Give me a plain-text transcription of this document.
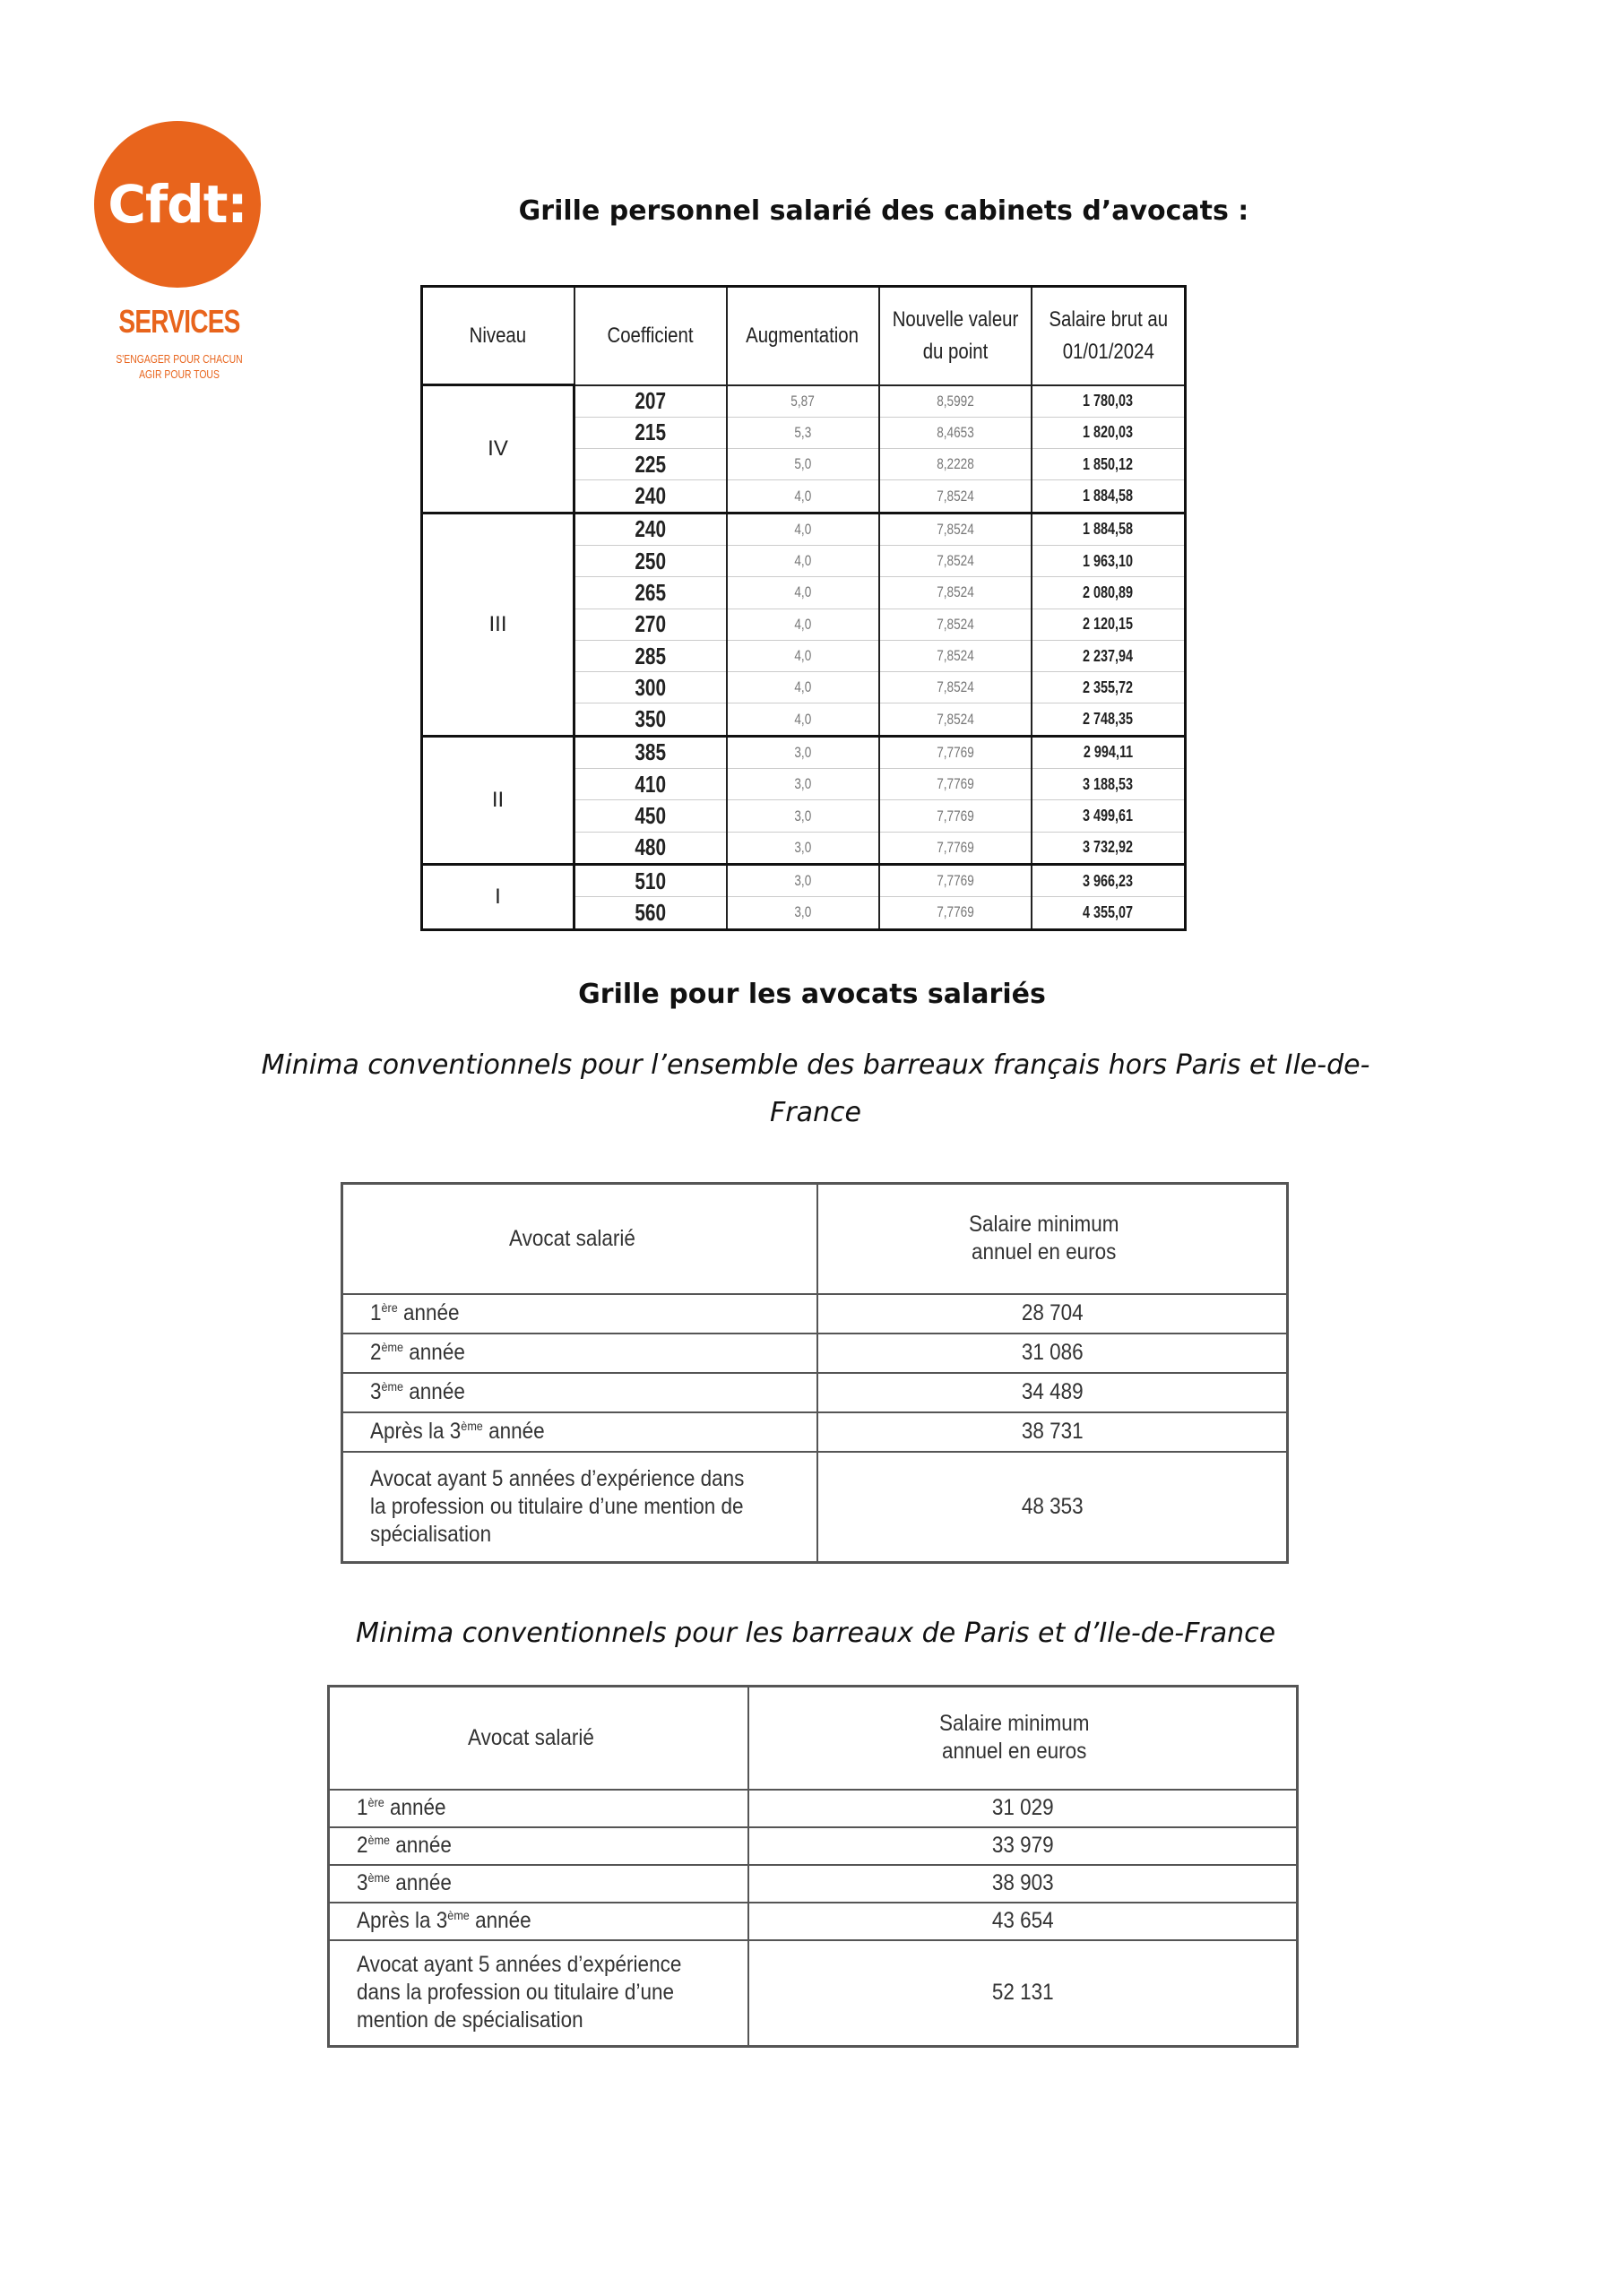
Cfdt:
SERVICES
S'ENGAGER POUR CHACUN
AGIR POUR TOUS
Grille personnel salarié des cabinets d’avocats :
Niveau	Coefficient	Augmentation	Nouvelle valeur du point	Salaire brut au 01/01/2024
IV	207	5,87	8,5992	1 780,03
	215	5,3	8,4653	1 820,03
	225	5,0	8,2228	1 850,12
	240	4,0	7,8524	1 884,58
III	240	4,0	7,8524	1 884,58
	250	4,0	7,8524	1 963,10
	265	4,0	7,8524	2 080,89
	270	4,0	7,8524	2 120,15
	285	4,0	7,8524	2 237,94
	300	4,0	7,8524	2 355,72
	350	4,0	7,8524	2 748,35
II	385	3,0	7,7769	2 994,11
	410	3,0	7,7769	3 188,53
	450	3,0	7,7769	3 499,61
	480	3,0	7,7769	3 732,92
I	510	3,0	7,7769	3 966,23
	560	3,0	7,7769	4 355,07
Grille pour les avocats salariés
Minima conventionnels pour l’ensemble des barreaux français hors Paris et Ile-de-
France
Avocat salarié	Salaire minimum
annuel en euros
1ère année	28 704
2ème année	31 086
3ème année	34 489
Après la 3ème année	38 731
Avocat ayant 5 années d’expérience dans
la profession ou titulaire d’une mention de
spécialisation	48 353
Minima conventionnels pour les barreaux de Paris et d’Ile-de-France
Avocat salarié	Salaire minimum
annuel en euros
1ère année	31 029
2ème année	33 979
3ème année	38 903
Après la 3ème année	43 654
Avocat ayant 5 années d’expérience
dans la profession ou titulaire d’une
mention de spécialisation	52 131
